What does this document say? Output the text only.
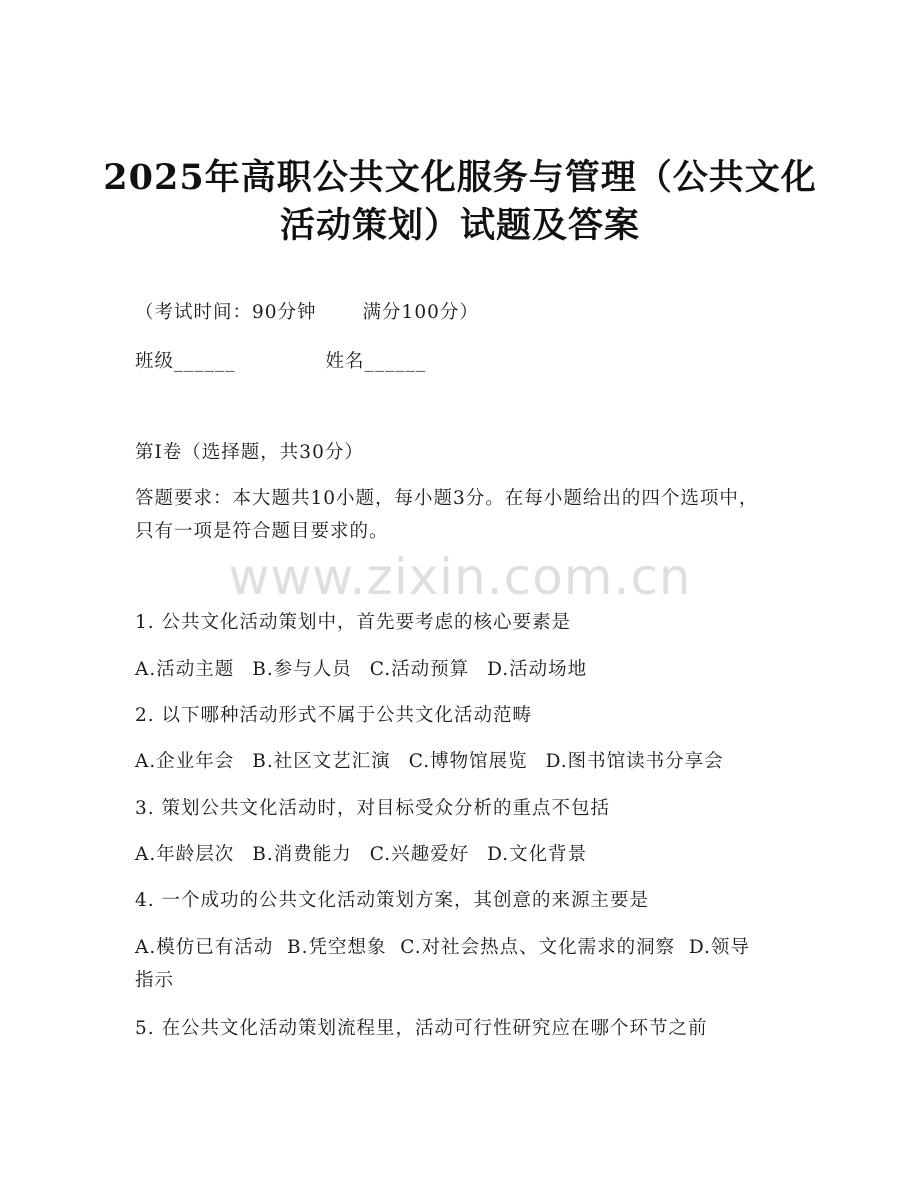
2025年高职公共文化服务与管理（公共文化
活动策划）试题及答案
（考试时间：90分钟 满分100分）
班级______	姓名______
第Ⅰ卷（选择题，共30分）
答题要求：本大题共10小题，每小题3分。在每小题给出的四个选项中，只有一项是符合题目要求的。
www.zixin.com.cn
1. 公共文化活动策划中，首先要考虑的核心要素是
A.活动主题 B.参与人员 C.活动预算 D.活动场地
2. 以下哪种活动形式不属于公共文化活动范畴
A.企业年会 B.社区文艺汇演 C.博物馆展览 D.图书馆读书分享会
3. 策划公共文化活动时，对目标受众分析的重点不包括
A.年龄层次 B.消费能力 C.兴趣爱好 D.文化背景
4. 一个成功的公共文化活动策划方案，其创意的来源主要是
A.模仿已有活动  B.凭空想象  C.对社会热点、文化需求的洞察  D.领导指示
5. 在公共文化活动策划流程里，活动可行性研究应在哪个环节之前
